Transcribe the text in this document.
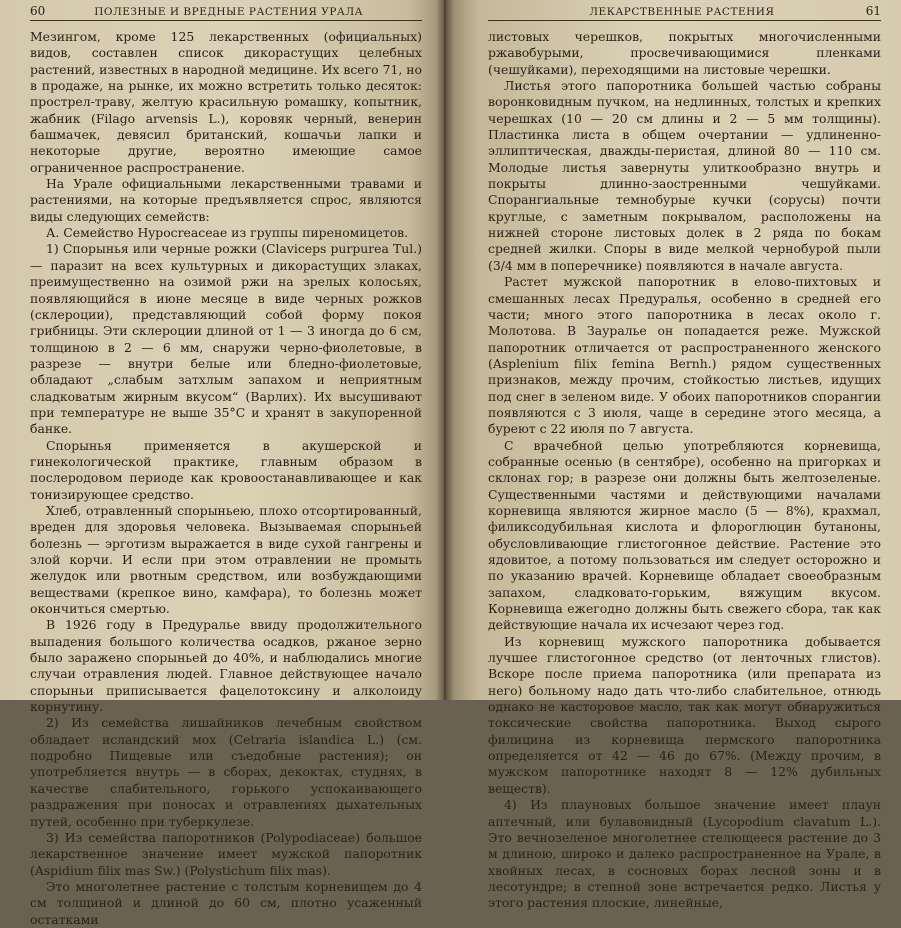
60	ПОЛЕЗНЫЕ И ВРЕДНЫЕ РАСТЕНИЯ УРАЛА

Мезингом, кроме 125 лекарственных (официальных) видов, составлен список дикорастущих целебных растений, известных в народной медицине. Их всего 71, но в продаже, на рынке, их можно встретить только десяток: прострел-траву, желтую красильную ромашку, копытник, жабник (Filago arvensis L.), коровяк черный, венерин башмачек, девясил британский, кошачьи лапки и некоторые другие, вероятно имеющие самое ограниченное распространение.

На Урале официальными лекарственными травами и растениями, на которые предъявляется спрос, являются виды следующих семейств:

А. Семейство Hypocreaceae из группы пиреномицетов.

1) Спорынья или черные рожки (Claviceps purpurea Tul.) — паразит на всех культурных и дикорастущих злаках, преимущественно на озимой ржи на зрелых колосьях, появляющийся в июне месяце в виде черных рожков (склероции), представляющий собой форму покоя грибницы. Эти склероции длиной от 1 — 3 иногда до 6 см, толщиною в 2 — 6 мм, снаружи черно-фиолетовые, в разрезе — внутри белые или бледно-фиолетовые, обладают „слабым затхлым запахом и неприятным сладковатым жирным вкусом“ (Варлих). Их высушивают при температуре не выше 35°С и хранят в закупоренной банке.

Спорынья применяется в акушерской и гинекологической практике, главным образом в послеродовом периоде как кровоостанавливающее и как тонизирующее средство.

Хлеб, отравленный спорыньею, плохо отсортированный, вреден для здоровья человека. Вызываемая спорыньей болезнь — эрготизм выражается в виде сухой гангрены и злой корчи. И если при этом отравлении не промыть желудок или рвотным средством, или возбуждающими веществами (крепкое вино, камфара), то болезнь может окончиться смертью.

В 1926 году в Предуралье ввиду продолжительного выпадения большого количества осадков, ржаное зерно было заражено спорыньей до 40%, и наблюдались многие случаи отравления людей. Главное действующее начало спорыньи приписывается фацелотоксину и алколоиду корнутину.

2) Из семейства лишайников лечебным свойством обладает исландский мох (Cetraria islandica L.) (см. подробно Пищевые или съедобные растения); он употребляется внутрь — в сборах, декоктах, студнях, в качестве слабительного, горького успокаивающего раздражения при поносах и отравлениях дыхательных путей, особенно при туберкулезе.

3) Из семейства папоротников (Polypodiaceae) большое лекарственное значение имеет мужской папоротник (Aspidium filix mas Sw.) (Polystichum filix mas).

Это многолетнее растение с толстым корневищем до 4 см толщиной и длиной до 60 см, плотно усаженный остатками

ЛЕКАРСТВЕННЫЕ РАСТЕНИЯ	61

листовых черешков, покрытых многочисленными ржавобурыми, просвечивающимися пленками (чешуйками), переходящими на листовые черешки.

Листья этого папоротника большей частью собраны воронковидным пучком, на недлинных, толстых и крепких черешках (10 — 20 см длины и 2 — 5 мм толщины). Пластинка листа в общем очертании — удлиненно-эллиптическая, дважды-перистая, длиной 80 — 110 см. Молодые листья завернуты улиткообразно внутрь и покрыты длинно-заостренными чешуйками. Спорангиальные темнобурые кучки (сорусы) почти круглые, с заметным покрывалом, расположены на нижней стороне листовых долек в 2 ряда по бокам средней жилки. Споры в виде мелкой чернобурой пыли (3/4 мм в поперечнике) появляются в начале августа.

Растет мужской папоротник в елово-пихтовых и смешанных лесах Предуралья, особенно в средней его части; много этого папоротника в лесах около г. Молотова. В Зауралье он попадается реже. Мужской папоротник отличается от распространенного женского (Asplenium filix femina Bernh.) рядом существенных признаков, между прочим, стойкостью листьев, идущих под снег в зеленом виде. У обоих папоротников спорангии появляются с 3 июля, чаще в середине этого месяца, а буреют с 22 июля по 7 августа.

С врачебной целью употребляются корневища, собранные осенью (в сентябре), особенно на пригорках и склонах гор; в разрезе они должны быть желтозеленые. Существенными частями и действующими началами корневища являются жирное масло (5 — 8%), крахмал, филиксодубильная кислота и флороглюцин бутаноны, обусловливающие глистогонное действие. Растение это ядовитое, а потому пользоваться им следует осторожно и по указанию врачей. Корневище обладает своеобразным запахом, сладковато-горьким, вяжущим вкусом. Корневища ежегодно должны быть свежего сбора, так как действующие начала их исчезают через год.

Из корневищ мужского папоротника добывается лучшее глистогонное средство (от ленточных глистов). Вскоре после приема папоротника (или препарата из него) больному надо дать что-либо слабительное, отнюдь однако не касторовое масло, так как могут обнаружиться токсические свойства папоротника. Выход сырого филицина из корневища пермского папоротника определяется от 42 — 46 до 67%. (Между прочим, в мужском папоротнике находят 8 — 12% дубильных веществ).

4) Из плауновых большое значение имеет плаун аптечный, или булавовидный (Lycopodium clavatum L.). Это вечнозеленое многолетнее стелющееся растение до 3 м длиною, широко и далеко распространенное на Урале, в хвойных лесах, в сосновых борах лесной зоны и в лесотундре; в степной зоне встречается редко. Листья у этого растения плоские, линейные,
